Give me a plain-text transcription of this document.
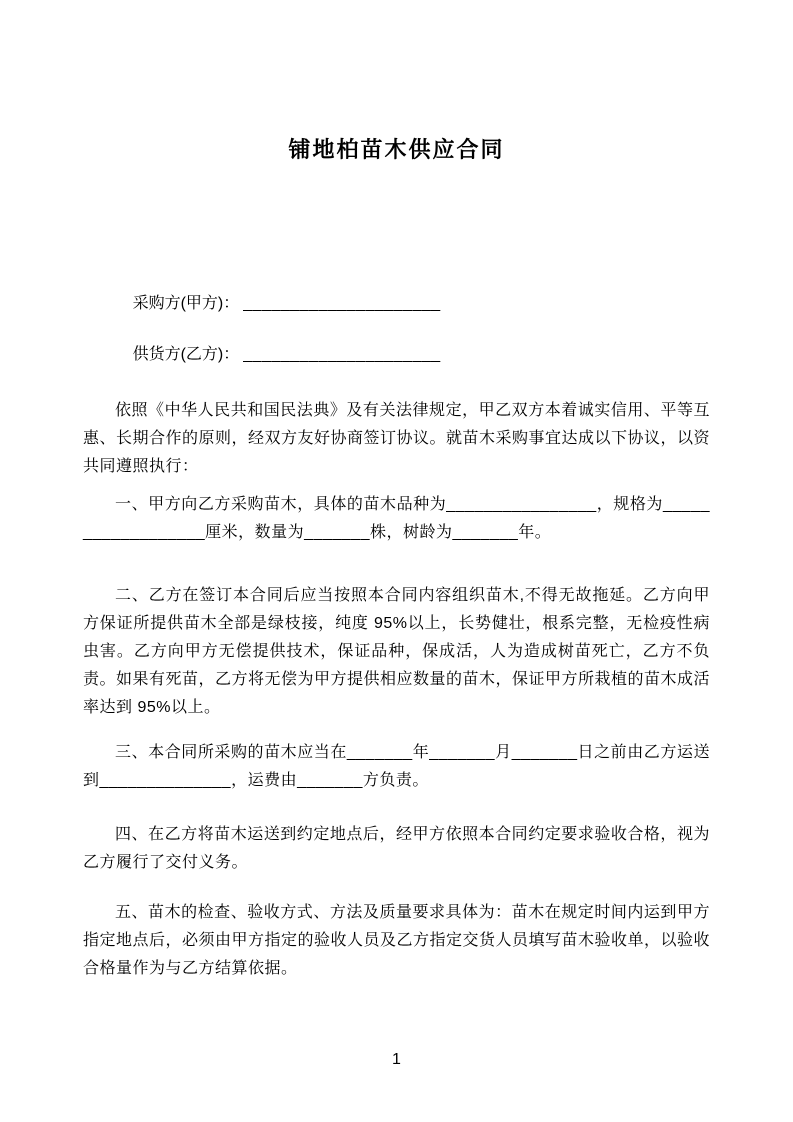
铺地柏苗木供应合同

采购方(甲方)： _____________________

供货方(乙方)： _____________________

依照《中华人民共和国民法典》及有关法律规定，甲乙双方本着诚实信用、平等互惠、长期合作的原则，经双方友好协商签订协议。就苗木采购事宜达成以下协议，以资共同遵照执行：

一、甲方向乙方采购苗木，具体的苗木品种为________________，规格为__________________厘米，数量为_______株，树龄为_______年。

二、乙方在签订本合同后应当按照本合同内容组织苗木,不得无故拖延。乙方向甲方保证所提供苗木全部是绿枝接，纯度 95%以上，长势健壮，根系完整，无检疫性病虫害。乙方向甲方无偿提供技术，保证品种，保成活，人为造成树苗死亡，乙方不负责。如果有死苗，乙方将无偿为甲方提供相应数量的苗木，保证甲方所栽植的苗木成活率达到 95%以上。

三、本合同所采购的苗木应当在_______年_______月_______日之前由乙方运送到______________，运费由_______方负责。

四、在乙方将苗木运送到约定地点后，经甲方依照本合同约定要求验收合格，视为乙方履行了交付义务。

五、苗木的检查、验收方式、方法及质量要求具体为：苗木在规定时间内运到甲方指定地点后，必须由甲方指定的验收人员及乙方指定交货人员填写苗木验收单，以验收合格量作为与乙方结算依据。

1
